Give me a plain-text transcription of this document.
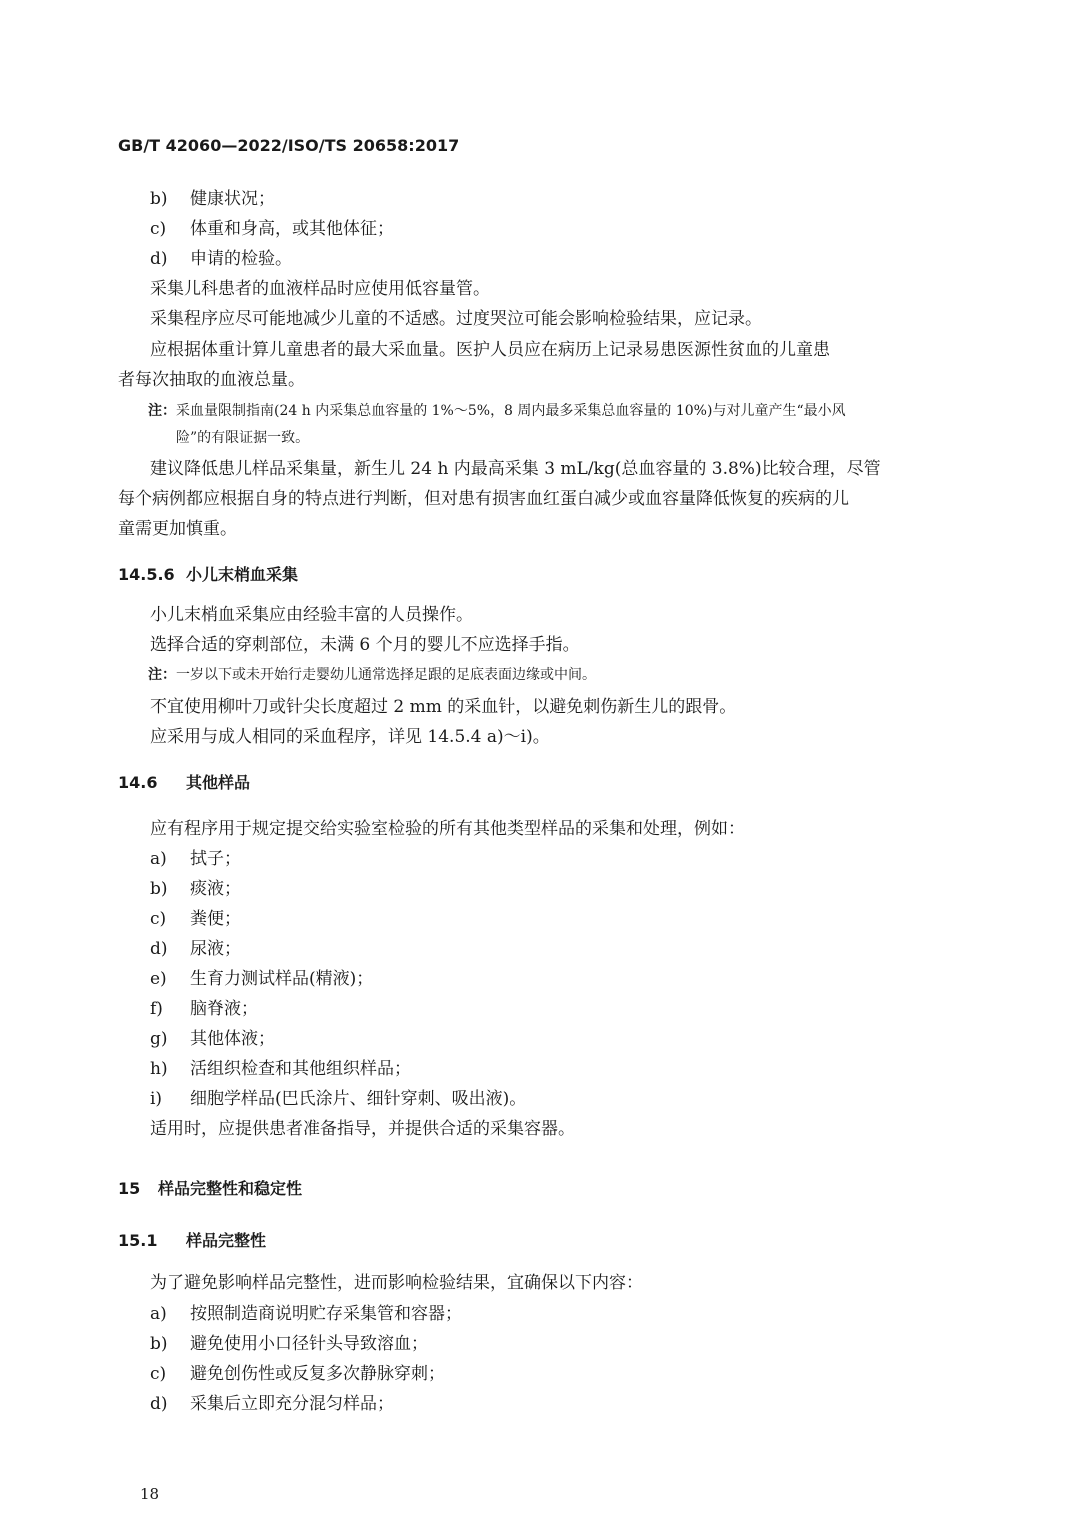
GB/T 42060—2022/ISO/TS 20658:2017
b) 健康状况；
c) 体重和身高，或其他体征；
d) 申请的检验。
采集儿科患者的血液样品时应使用低容量管。
采集程序应尽可能地减少儿童的不适感。过度哭泣可能会影响检验结果，应记录。
应根据体重计算儿童患者的最大采血量。医护人员应在病历上记录易患医源性贫血的儿童患
者每次抽取的血液总量。
注：采血量限制指南(24 h 内采集总血容量的 1%～5%，8 周内最多采集总血容量的 10%)与对儿童产生“最小风
险”的有限证据一致。
建议降低患儿样品采集量，新生儿 24 h 内最高采集 3 mL/kg(总血容量的 3.8%)比较合理，尽管
每个病例都应根据自身的特点进行判断，但对患有损害血红蛋白减少或血容量降低恢复的疾病的儿
童需更加慎重。
14.5.6 小儿末梢血采集
小儿末梢血采集应由经验丰富的人员操作。
选择合适的穿刺部位，未满 6 个月的婴儿不应选择手指。
注：一岁以下或未开始行走婴幼儿通常选择足跟的足底表面边缘或中间。
不宜使用柳叶刀或针尖长度超过 2 mm 的采血针，以避免刺伤新生儿的跟骨。
应采用与成人相同的采血程序，详见 14.5.4 a)～i)。
14.6 其他样品
应有程序用于规定提交给实验室检验的所有其他类型样品的采集和处理，例如：
a) 拭子；
b) 痰液；
c) 粪便；
d) 尿液；
e) 生育力测试样品(精液)；
f) 脑脊液；
g) 其他体液；
h) 活组织检查和其他组织样品；
i) 细胞学样品(巴氏涂片、细针穿刺、吸出液)。
适用时，应提供患者准备指导，并提供合适的采集容器。
15 样品完整性和稳定性
15.1 样品完整性
为了避免影响样品完整性，进而影响检验结果，宜确保以下内容：
a) 按照制造商说明贮存采集管和容器；
b) 避免使用小口径针头导致溶血；
c) 避免创伤性或反复多次静脉穿刺；
d) 采集后立即充分混匀样品；
18
